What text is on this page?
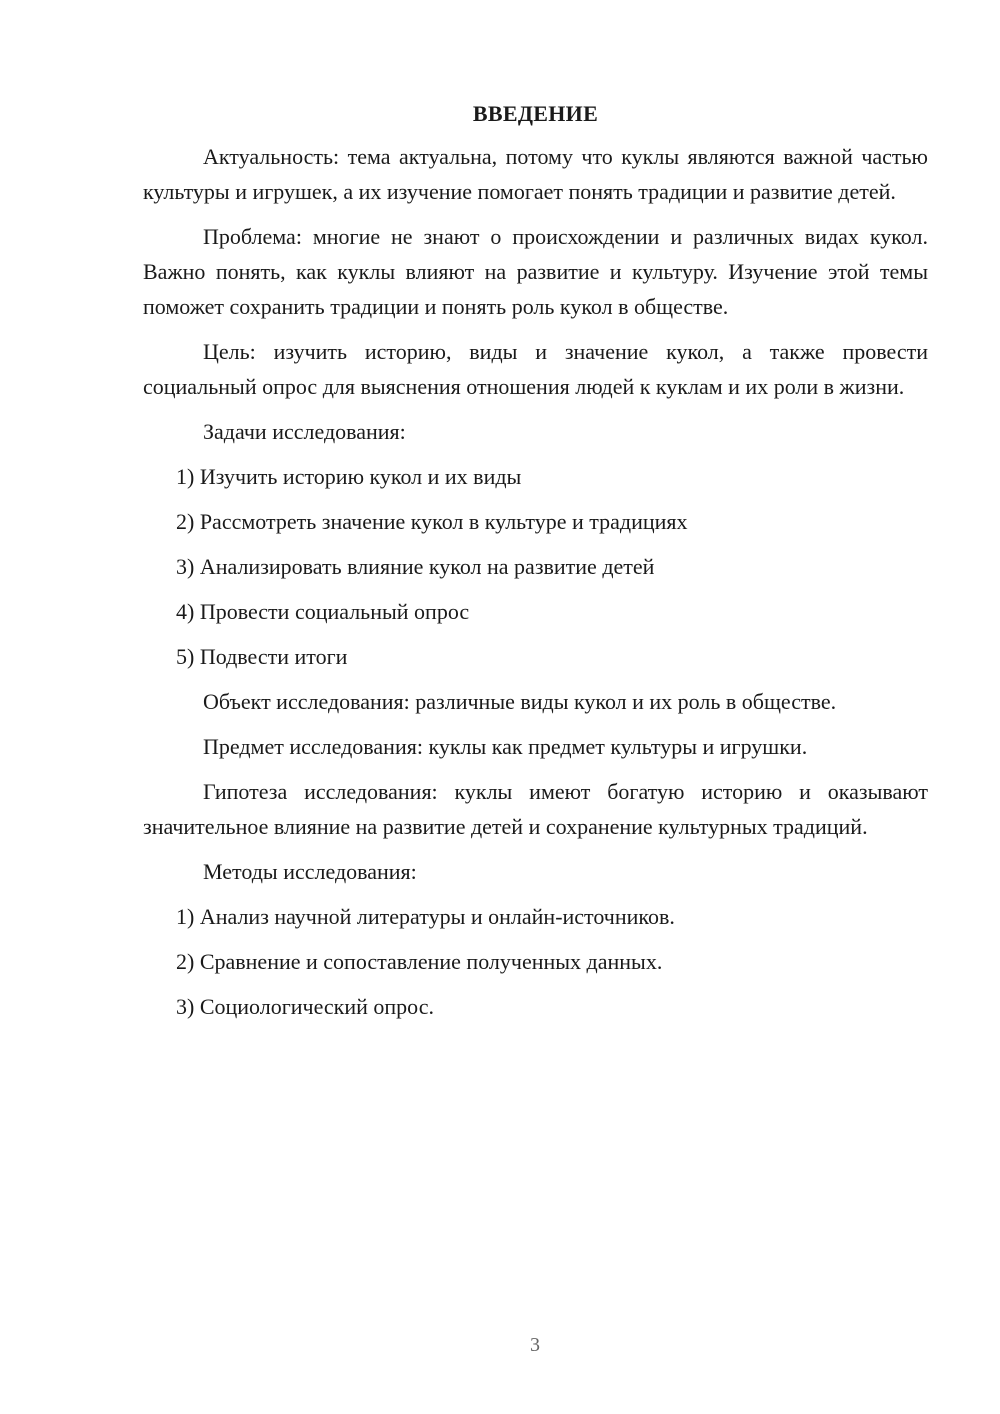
ВВЕДЕНИЕ

Актуальность: тема актуальна, потому что куклы являются важной частью культуры и игрушек, а их изучение помогает понять традиции и развитие детей.

Проблема: многие не знают о происхождении и различных видах кукол. Важно понять, как куклы влияют на развитие и культуру. Изучение этой темы поможет сохранить традиции и понять роль кукол в обществе.

Цель: изучить историю, виды и значение кукол, а также провести социальный опрос для выяснения отношения людей к куклам и их роли в жизни.

Задачи исследования:

1) Изучить историю кукол и их виды
2) Рассмотреть значение кукол в культуре и традициях
3) Анализировать влияние кукол на развитие детей
4) Провести социальный опрос
5) Подвести итоги

Объект исследования: различные виды кукол и их роль в обществе.

Предмет исследования: куклы как предмет культуры и игрушки.

Гипотеза исследования: куклы имеют богатую историю и оказывают значительное влияние на развитие детей и сохранение культурных традиций.

Методы исследования:

1) Анализ научной литературы и онлайн-источников.
2) Сравнение и сопоставление полученных данных.
3) Социологический опрос.
3
